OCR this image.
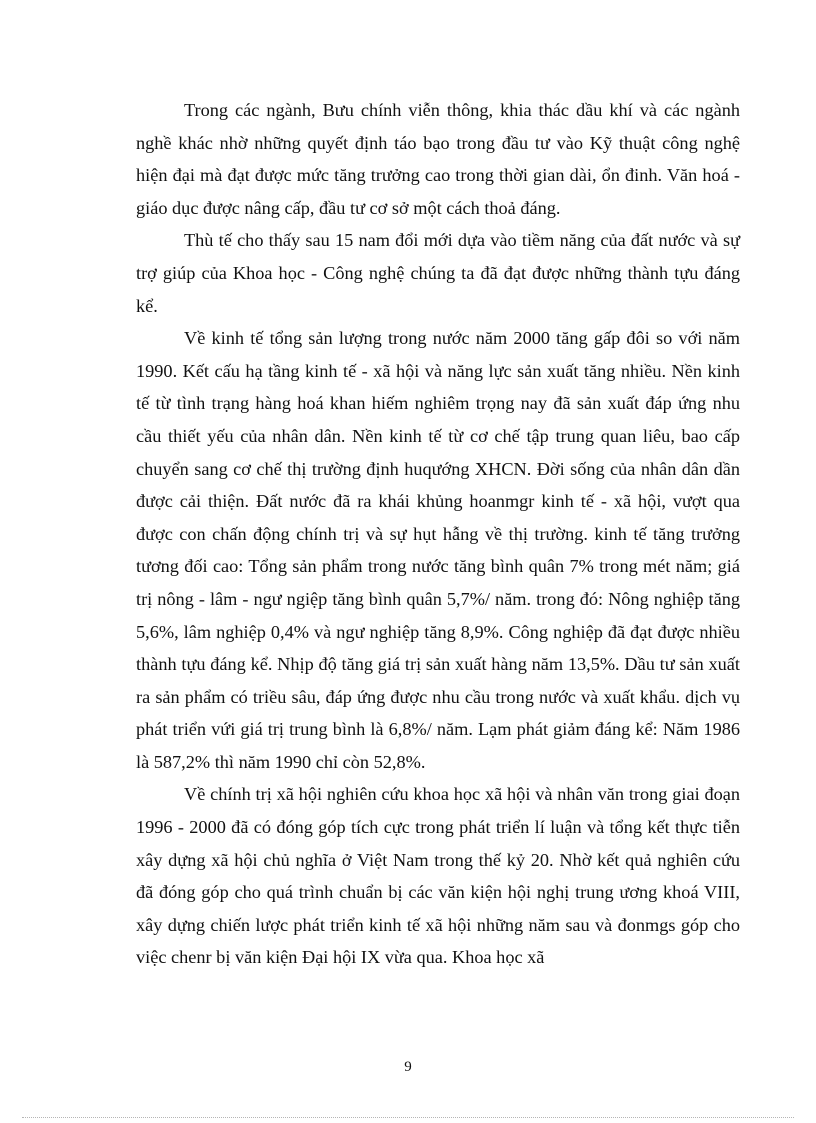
Trong các ngành, Bưu chính viễn thông, khia thác dầu khí và các ngành nghề khác nhờ những quyết định táo bạo trong đầu tư vào Kỹ thuật công nghệ hiện đại mà đạt được mức tăng trưởng cao trong thời gian dài, ổn đinh. Văn hoá - giáo dục được nâng cấp, đầu tư cơ sở một cách thoả đáng.

Thù tế cho thấy sau 15 nam đổi mới dựa vào tiềm năng của đất nước và sự trợ giúp của Khoa học - Công nghệ chúng ta đã đạt được những thành tựu đáng kể.

Về kinh tế tổng sản lượng trong nước năm 2000 tăng gấp đôi so với năm 1990. Kết cấu hạ tầng kinh tế - xã hội và năng lực sản xuất tăng nhiều. Nền kinh tế từ tình trạng hàng hoá khan hiếm nghiêm trọng nay đã sản xuất đáp ứng nhu cầu thiết yếu của nhân dân. Nền kinh tế từ cơ chế tập trung quan liêu, bao cấp chuyển sang cơ chế thị trường định huqướng XHCN. Đời sống của nhân dân dần được cải thiện. Đất nước đã ra khái khủng hoanmgr kinh tế - xã hội, vượt qua được con chấn động chính trị và sự hụt hẫng về thị trường. kinh tế tăng trưởng tương đối cao: Tổng sản phẩm trong nước tăng bình quân 7% trong mét năm; giá trị nông - lâm - ngư ngiệp tăng bình quân 5,7%/ năm. trong đó: Nông nghiệp tăng 5,6%, lâm nghiệp 0,4% và ngư nghiệp tăng 8,9%. Công nghiệp đã đạt được nhiều thành tựu đáng kể. Nhịp độ tăng giá trị sản xuất hàng năm 13,5%. Dầu tư sản xuất ra sản phẩm có triều sâu, đáp ứng được nhu cầu trong nước và xuất khẩu. dịch vụ phát triển vứi giá trị trung bình là 6,8%/ năm. Lạm phát giảm đáng kể: Năm 1986 là 587,2% thì năm 1990 chỉ còn 52,8%.

Về chính trị xã hội nghiên cứu khoa học xã hội và nhân văn trong giai đoạn 1996 - 2000 đã có đóng góp tích cực trong phát triển lí luận và tổng kết thực tiễn xây dựng xã hội chủ nghĩa ở Việt Nam trong thế kỷ 20. Nhờ kết quả nghiên cứu đã đóng góp cho quá trình chuẩn bị các văn kiện hội nghị trung ương khoá VIII, xây dựng chiến lược phát triển kinh tế xã hội những năm sau và đonmgs góp cho việc chenr bị văn kiện Đại hội IX vừa qua. Khoa học xã

9
